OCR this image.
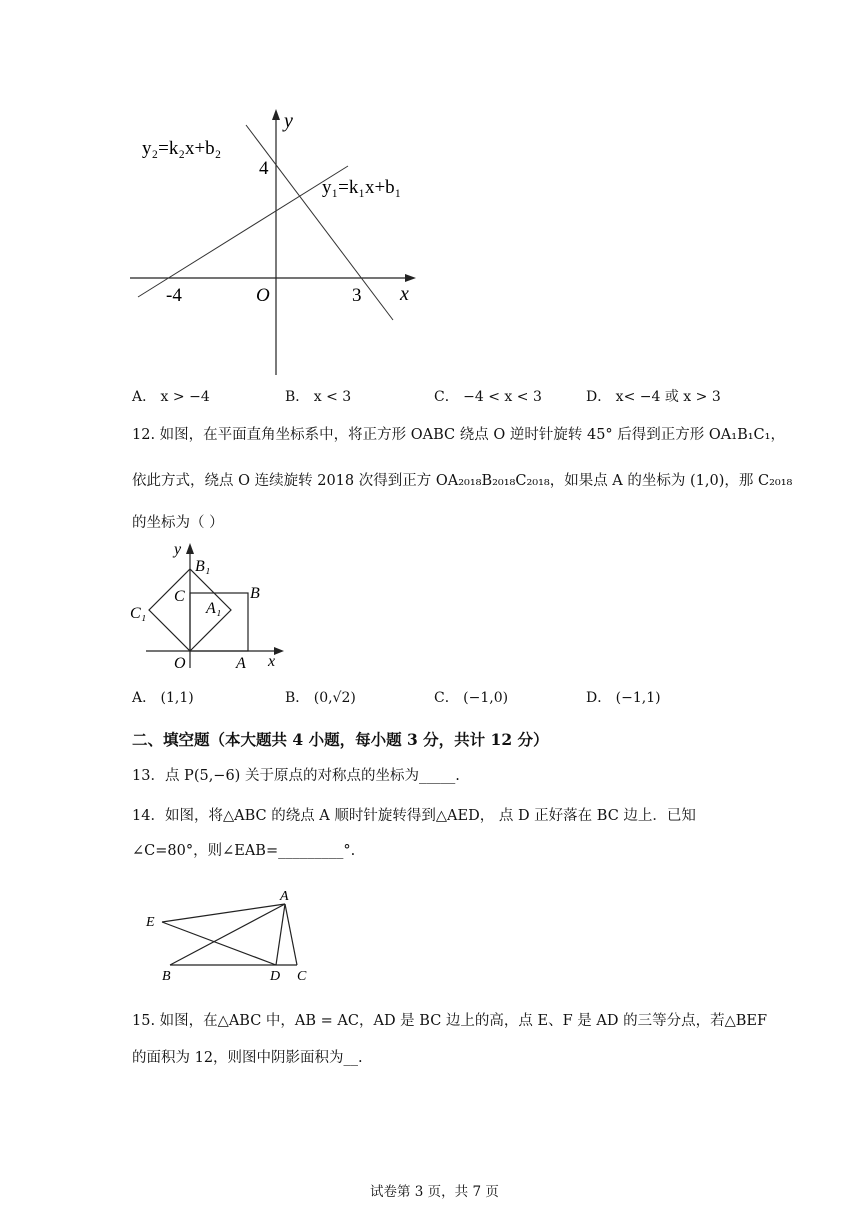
y
x
O
4
-4	3
y₂=k₂x+b₂
y₁=k₁x+b₁
A． x > −4	B． x < 3	C． −4 < x < 3	D． x< −4 或 x > 3
12. 如图，在平面直角坐标系中，将正方形 OABC 绕点 O 逆时针旋转 45° 后得到正方形 OA₁B₁C₁，
依此方式，绕点 O 连续旋转 2018 次得到正方 OA₂₀₁₈B₂₀₁₈C₂₀₁₈，如果点 A 的坐标为 (1,0)，那 C₂₀₁₈
的坐标为（ ）
y
x
O	A
B
C
A₁
B₁
C₁
A． (1,1)	B． (0,√2)	C． (−1,0)	D． (−1,1)
二、填空题（本大题共 4 小题，每小题 3 分，共计 12 分）
13．点 P(5,−6) 关于原点的对称点的坐标为_____.
14．如图，将△ABC 的绕点 A 顺时针旋转得到△AED， 点 D 正好落在 BC 边上．已知
∠C=80°，则∠EAB=_________°.
A
E
B	D C
15. 如图，在△ABC 中，AB = AC，AD 是 BC 边上的高，点 E、F 是 AD 的三等分点，若△BEF
的面积为 12，则图中阴影面积为__.
试卷第 3 页，共 7 页
